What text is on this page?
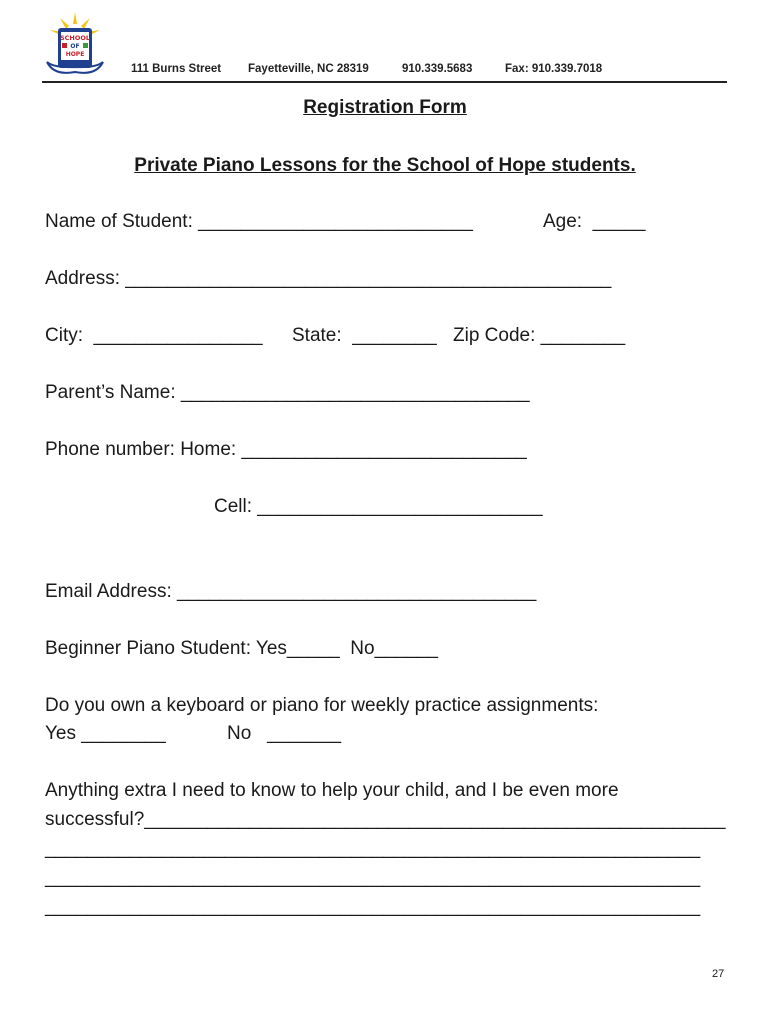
SCHOOL
OF
HOPE
111 Burns Street Fayetteville, NC 28319	910.339.5683	Fax: 910.339.7018
Registration Form
Private Piano Lessons for the School of Hope students.
Name of Student: __________________________	Age:  _____
Address: ______________________________________________
City:  ________________ State:  ________ Zip Code: ________
Parent’s Name: _________________________________
Phone number: Home: ___________________________
Cell: ___________________________
Email Address: __________________________________
Beginner Piano Student: Yes_____  No______
Do you own a keyboard or piano for weekly practice assignments:
Yes ________	No   _______
Anything extra I need to know to help your child, and I be even more
successful?_______________________________________________________
______________________________________________________________
______________________________________________________________
______________________________________________________________
27
